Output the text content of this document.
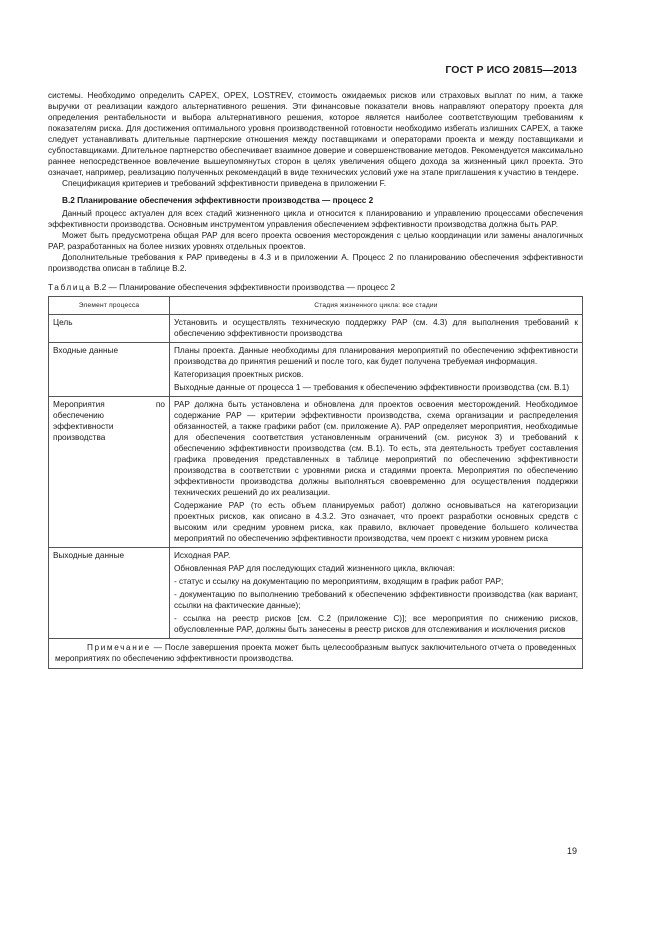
ГОСТ Р ИСО 20815—2013

системы. Необходимо определить CAPEX, OPEX, LOSTREV, стоимость ожидаемых рисков или страховых выплат по ним, а также выручки от реализации каждого альтернативного решения. Эти финансовые показатели вновь направляют оператору проекта для определения рентабельности и выбора альтернативного решения, которое является наиболее соответствующим требованиям к показателям риска. Для достижения оптимального уровня производственной готовности необходимо избегать излишних CAPEX, а также следует устанавливать длительные партнерские отношения между поставщиками и операторами проекта и между поставщиками и субпоставщиками. Длительное партнерство обеспечивает взаимное доверие и совершенствование методов. Рекомендуется максимально раннее непосредственное вовлечение вышеупомянутых сторон в целях увеличения общего дохода за жизненный цикл проекта. Это означает, например, реализацию полученных рекомендаций в виде технических условий уже на этапе приглашения к участию в тендере.

Спецификация критериев и требований эффективности приведена в приложении F.

В.2 Планирование обеспечения эффективности производства — процесс 2

Данный процесс актуален для всех стадий жизненного цикла и относится к планированию и управлению процессами обеспечения эффективности производства. Основным инструментом управления обеспечением эффективности производства должна быть PAP.

Может быть предусмотрена общая PAP для всего проекта освоения месторождения с целью координации или замены аналогичных PAP, разработанных на более низких уровнях отдельных проектов.

Дополнительные требования к PAP приведены в 4.3 и в приложении А. Процесс 2 по планированию обеспечения эффективности производства описан в таблице В.2.

Таблица В.2 — Планирование обеспечения эффективности производства — процесс 2

Элемент процесса	Стадия жизненного цикла: все стадии
Цель	Установить и осуществлять техническую поддержку PAP (см. 4.3) для выполнения требований к обеспечению эффективности производства

Входные данные	Планы проекта. Данные необходимы для планирования мероприятий по обеспечению эффективности производства до принятия решений и после того, как будет получена требуемая информация.

Категоризация проектных рисков.

Выходные данные от процесса 1 — требования к обеспечению эффективности производства (см. В.1)

Мероприятия по обеспечению эффективности производства	PAP должна быть установлена и обновлена для проектов освоения месторождений. Необходимое содержание PAP — критерии эффективности производства, схема организации и распределения обязанностей, а также графики работ (см. приложение А). PAP определяет мероприятия, необходимые для обеспечения соответствия установленным ограничений (см. рисунок 3) и требований к обеспечению эффективности производства (см. В.1). То есть, эта деятельность требует составления графика проведения представленных в таблице мероприятий по обеспечению эффективности производства в соответствии с уровнями риска и стадиями проекта. Мероприятия по обеспечению эффективности производства должны выполняться своевременно для осуществления поддержки технических решений до их реализации.

Содержание PAP (то есть объем планируемых работ) должно основываться на категоризации проектных рисков, как описано в 4.3.2. Это означает, что проект разработки основных средств с высоким или средним уровнем риска, как правило, включает проведение большего количества мероприятий по обеспечению эффективности производства, чем проект с низким уровнем риска

Выходные данные	Исходная PAP.

Обновленная PAP для последующих стадий жизненного цикла, включая:

- статус и ссылку на документацию по мероприятиям, входящим в график работ PAP;

- документацию по выполнению требований к обеспечению эффективности производства (как вариант, ссылки на фактические данные);

- ссылка на реестр рисков [см. С.2 (приложение С)]; все мероприятия по снижению рисков, обусловленные PAP, должны быть занесены в реестр рисков для отслеживания и исключения рисков

Примечание — После завершения проекта может быть целесообразным выпуск заключительного отчета о проведенных мероприятиях по обеспечению эффективности производства.	
19
